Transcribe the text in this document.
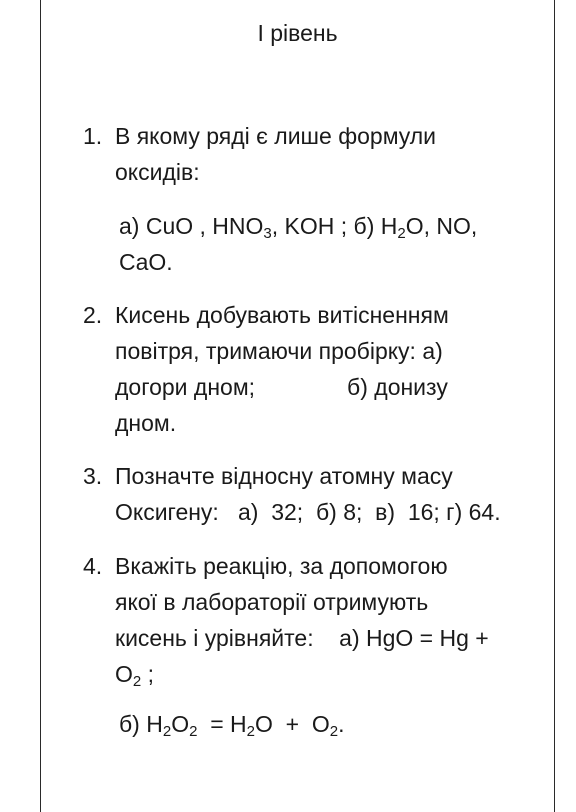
I рівень
1. В якому ряді є лише формули
оксидів:
а) CuO , $HNO_3$, KOH ; б) $H_2O$, NO,
CaO.
2. Кисень добувають витісненням
повітря, тримаючи пробірку: а)
догори дном;	б) донизу
дном.
3. Позначте відносну атомну масу
Оксигену:   а)  32;  б) 8;  в)  16; г) 64.
4. Вкажіть реакцію, за допомогою
якої в лабораторії отримують
кисень і урівняйте:    а) HgO = Hg +
$O_2$ ;
б) $H_2O_2 = H_2O + O_2$.
